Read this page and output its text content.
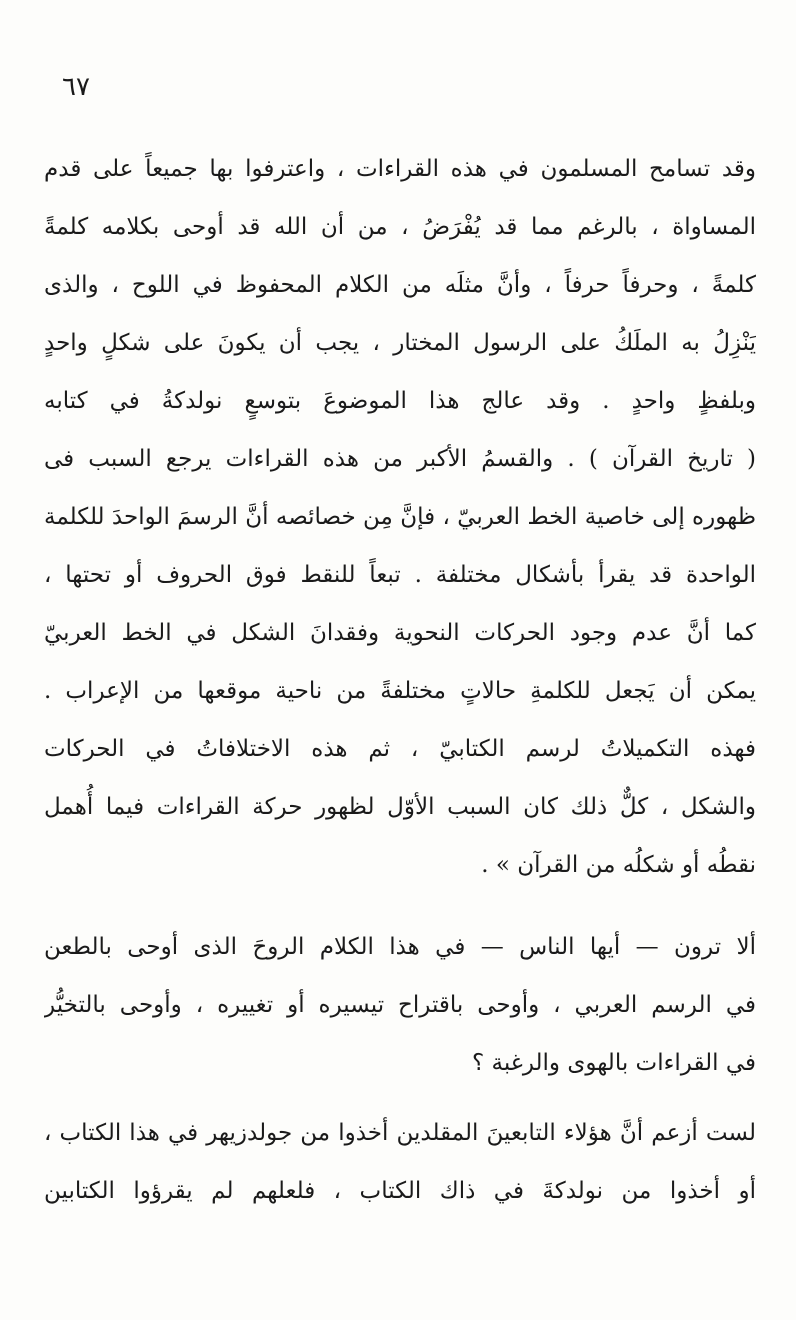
٦٧
وقد تسامح المسلمون في هذه القراءات ، واعترفوا بها جميعاً على قدم
المساواة ، بالرغم مما قد يُفْرَضُ ، من أن الله قد أوحى بكلامه كلمةً
كلمةً ، وحرفاً حرفاً ، وأنَّ مثلَه من الكلام المحفوظ في اللوح ، والذى
يَنْزِلُ به الملَكُ على الرسول المختار ، يجب أن يكونَ على شكلٍ واحدٍ
وبلفظٍ واحدٍ . وقد عالج هذا الموضوعَ بتوسعٍ نولدكةُ في كتابه
( تاريخ القرآن ) . والقسمُ الأكبر من هذه القراءات يرجع السبب فى
ظهوره إلى خاصية الخط العربيّ ، فإنَّ مِن خصائصه أنَّ الرسمَ الواحدَ للكلمة
الواحدة قد يقرأ بأشكال مختلفة . تبعاً للنقط فوق الحروف أو تحتها ،
كما أنَّ عدم وجود الحركات النحوية وفقدانَ الشكل في الخط العربيّ
يمكن أن يَجعل للكلمةِ حالاتٍ مختلفةً من ناحية موقعها من الإعراب .
فهذه التكميلاتُ لرسم الكتابيّ ، ثم هذه الاختلافاتُ في الحركات
والشكل ، كلٌّ ذلك كان السبب الأوّل لظهور حركة القراءات فيما أُهمل
نقطُه أو شكلُه من القرآن » .
ألا ترون — أيها الناس — في هذا الكلام الروحَ الذى أوحى بالطعن
في الرسم العربي ، وأوحى باقتراح تيسيره أو تغييره ، وأوحى بالتخيُّر
في القراءات بالهوى والرغبة ؟
لست أزعم أنَّ هؤلاء التابعينَ المقلدين أخذوا من جولدزيهر في هذا الكتاب ،
أو أخذوا من نولدكةَ في ذاك الكتاب ، فلعلهم لم يقرؤوا الكتابين
